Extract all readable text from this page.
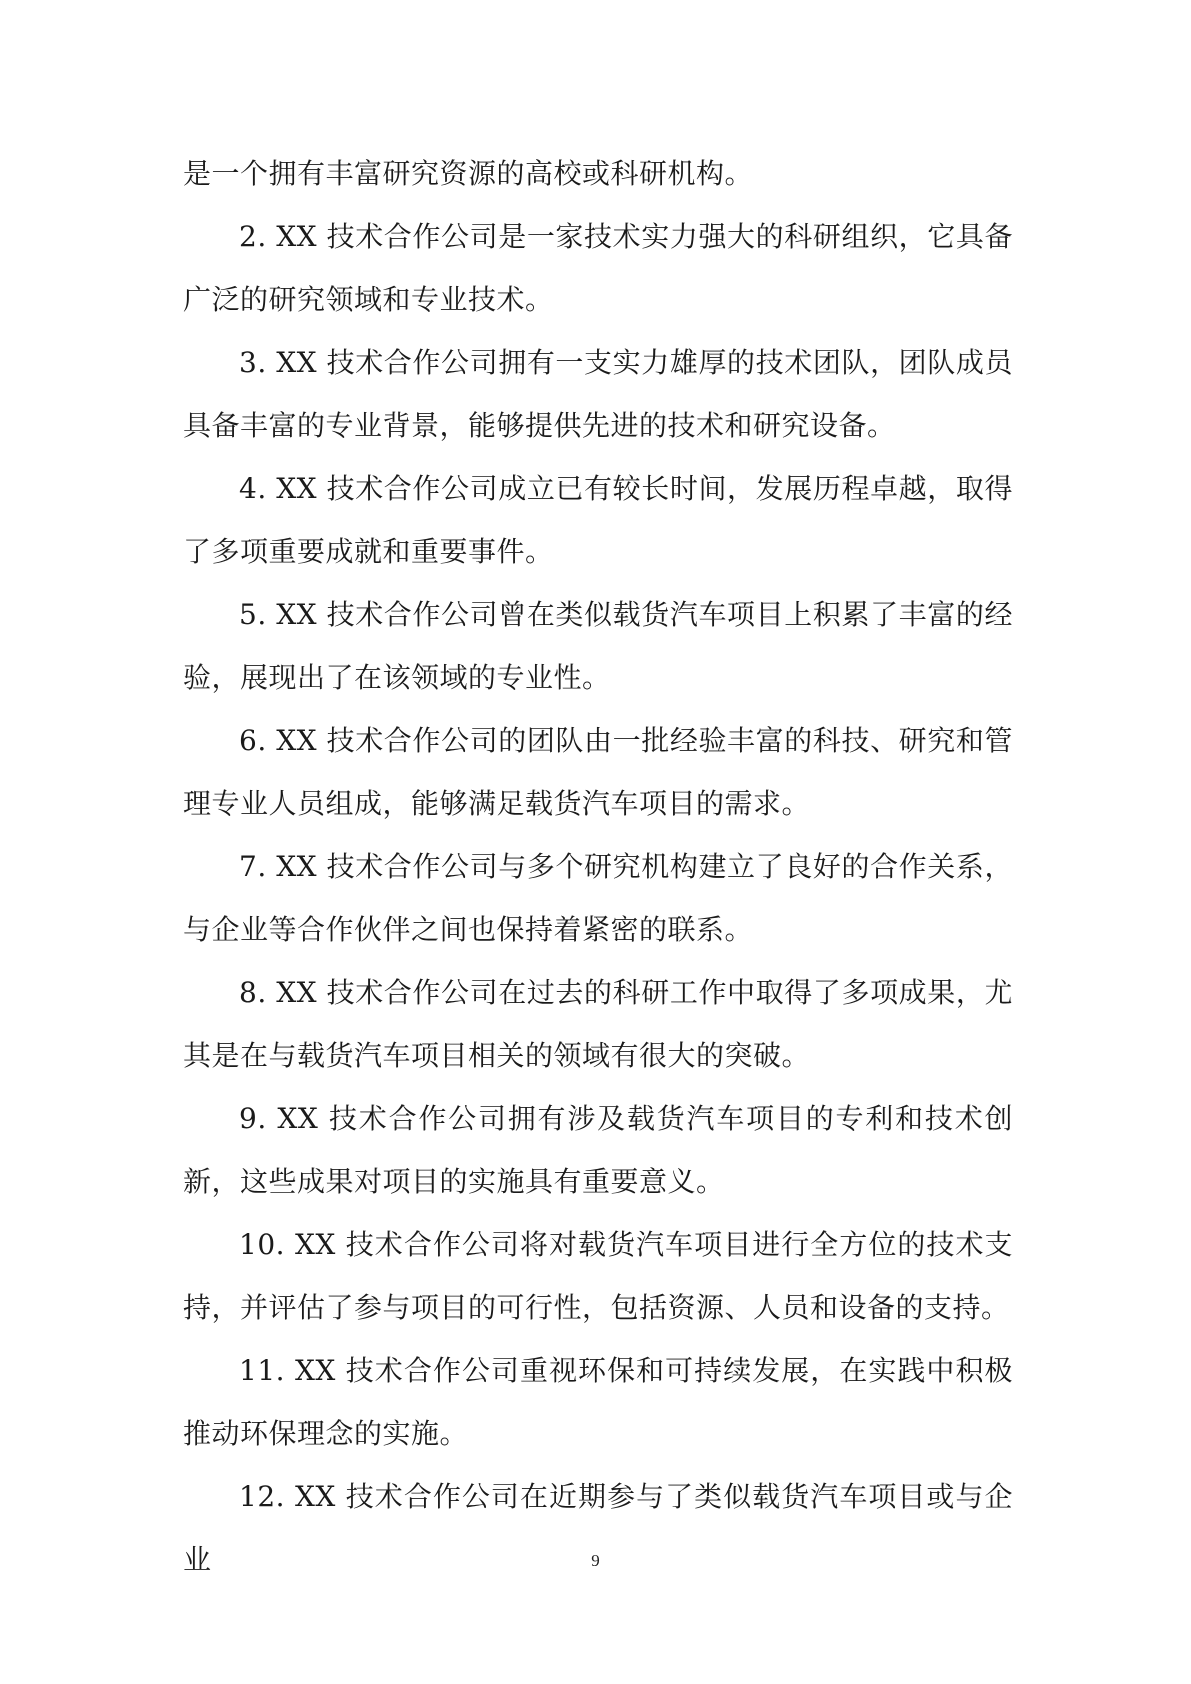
是一个拥有丰富研究资源的高校或科研机构。

2. XX 技术合作公司是一家技术实力强大的科研组织，它具备广泛的研究领域和专业技术。

3. XX 技术合作公司拥有一支实力雄厚的技术团队，团队成员具备丰富的专业背景，能够提供先进的技术和研究设备。

4. XX 技术合作公司成立已有较长时间，发展历程卓越，取得了多项重要成就和重要事件。

5. XX 技术合作公司曾在类似载货汽车项目上积累了丰富的经验，展现出了在该领域的专业性。

6. XX 技术合作公司的团队由一批经验丰富的科技、研究和管理专业人员组成，能够满足载货汽车项目的需求。

7. XX 技术合作公司与多个研究机构建立了良好的合作关系，与企业等合作伙伴之间也保持着紧密的联系。

8. XX 技术合作公司在过去的科研工作中取得了多项成果，尤其是在与载货汽车项目相关的领域有很大的突破。

9. XX 技术合作公司拥有涉及载货汽车项目的专利和技术创新，这些成果对项目的实施具有重要意义。

10. XX 技术合作公司将对载货汽车项目进行全方位的技术支持，并评估了参与项目的可行性，包括资源、人员和设备的支持。

11. XX 技术合作公司重视环保和可持续发展，在实践中积极推动环保理念的实施。

12. XX 技术合作公司在近期参与了类似载货汽车项目或与企业	9
